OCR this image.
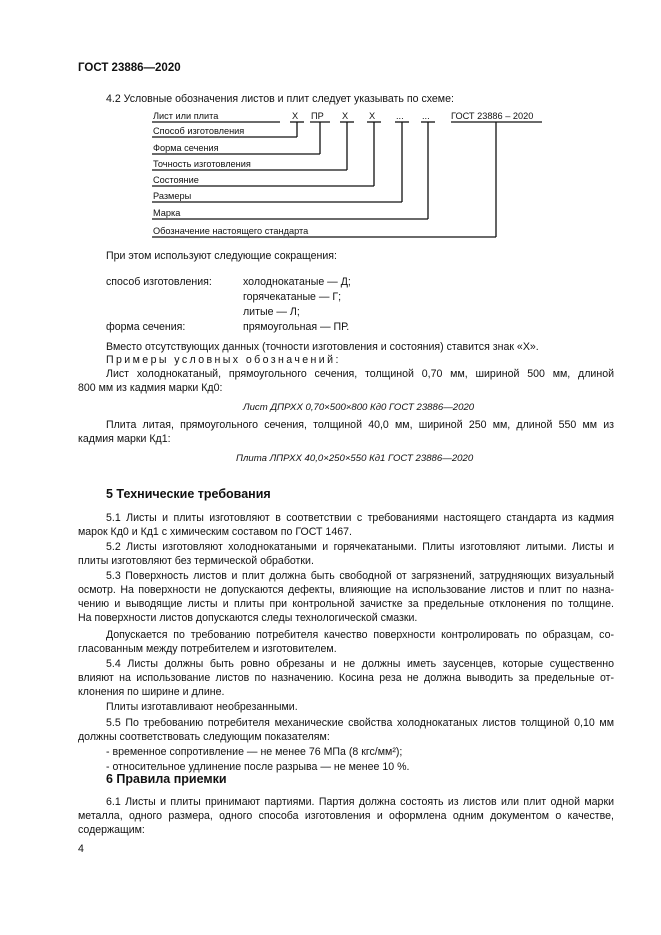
ГОСТ 23886—2020
4.2 Условные обозначения листов и плит следует указывать по схеме:
Лист или плита	Х ПР Х Х ... ... ГОСТ 23886 – 2020
Способ изготовления
Форма сечения
Точность изготовления
Состояние
Размеры
Марка
Обозначение настоящего стандарта
При этом используют следующие сокращения:
способ изготовления:	холоднокатаные — Д;
горячекатаные — Г;
литые — Л;
форма сечения:	прямоугольная — ПР.
Вместо отсутствующих данных (точности изготовления и состояния) ставится знак «Х».
Примеры условных обозначений:
Лист холоднокатаный, прямоугольного сечения, толщиной 0,70 мм, шириной 500 мм, длиной
800 мм из кадмия марки Кд0:
Лист ДПРХХ 0,70×500×800 Кд0 ГОСТ 23886—2020
Плита литая, прямоугольного сечения, толщиной 40,0 мм, шириной 250 мм, длиной 550 мм из
кадмия марки Кд1:
Плита ЛПРХХ 40,0×250×550 Кд1 ГОСТ 23886—2020
5 Технические требования
5.1 Листы и плиты изготовляют в соответствии с требованиями настоящего стандарта из кадмия
марок Кд0 и Кд1 с химическим составом по ГОСТ 1467.
5.2 Листы изготовляют холоднокатаными и горячекатаными. Плиты изготовляют литыми. Листы и
плиты изготовляют без термической обработки.
5.3 Поверхность листов и плит должна быть свободной от загрязнений, затрудняющих визуальный
осмотр. На поверхности не допускаются дефекты, влияющие на использование листов и плит по назна-
чению и выводящие листы и плиты при контрольной зачистке за предельные отклонения по толщине.
На поверхности листов допускаются следы технологической смазки.
Допускается по требованию потребителя качество поверхности контролировать по образцам, со-
гласованным между потребителем и изготовителем.
5.4 Листы должны быть ровно обрезаны и не должны иметь заусенцев, которые существенно
влияют на использование листов по назначению. Косина реза не должна выводить за предельные от-
клонения по ширине и длине.
Плиты изготавливают необрезанными.
5.5 По требованию потребителя механические свойства холоднокатаных листов толщиной 0,10 мм
должны соответствовать следующим показателям:
- временное сопротивление — не менее 76 МПа (8 кгс/мм²);
- относительное удлинение после разрыва — не менее 10 %.
6 Правила приемки
6.1 Листы и плиты принимают партиями. Партия должна состоять из листов или плит одной марки
металла, одного размера, одного способа изготовления и оформлена одним документом о качестве,
содержащим:
4
